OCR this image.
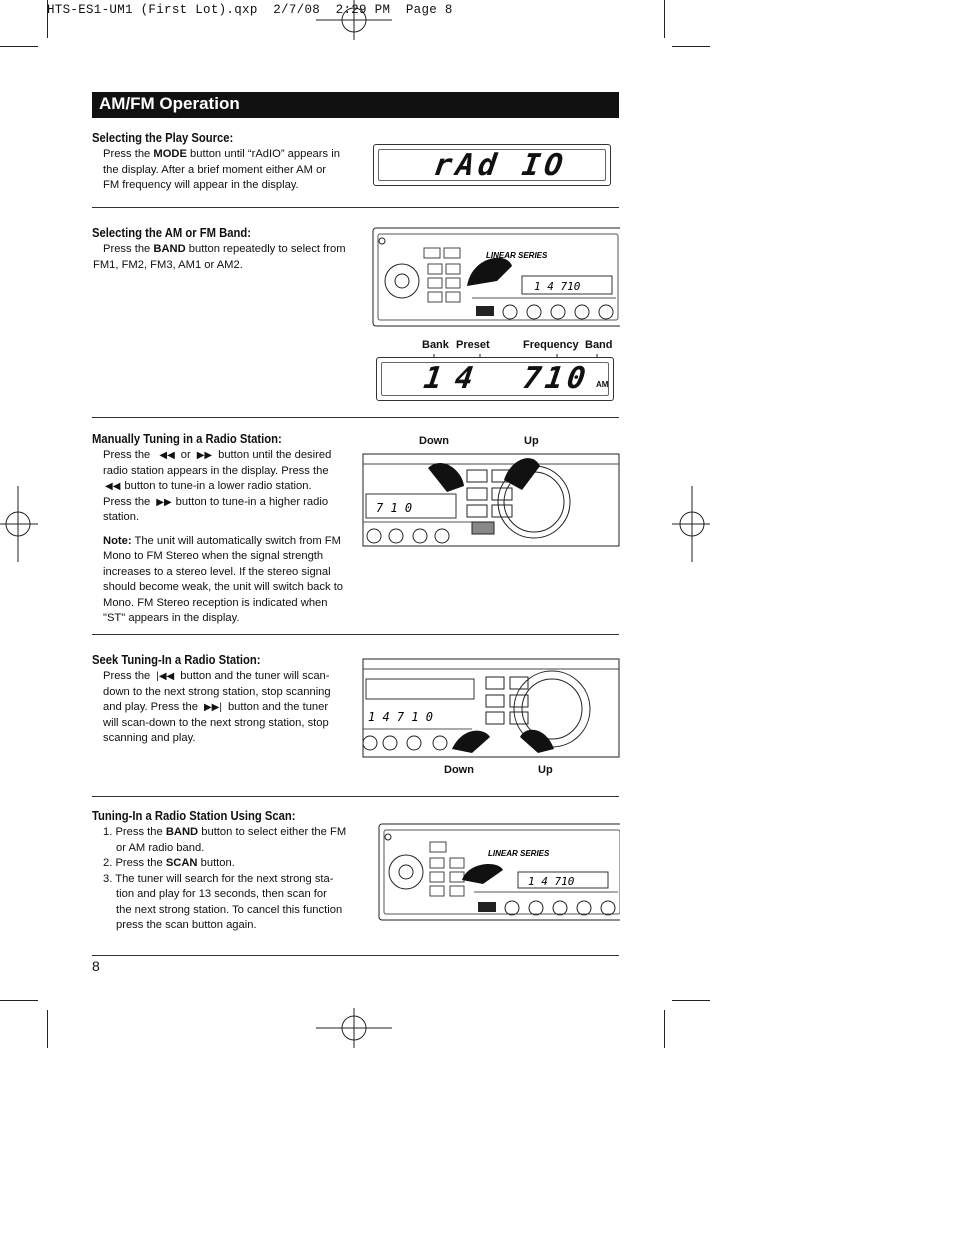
HTS-ES1-UM1 (First Lot).qxp  2/7/08  2:29 PM  Page 8
AM/FM Operation
Selecting the Play Source:
Press the MODE button until “rAdIO” appears in
the display. After a brief moment either AM or
FM frequency will appear in the display.
rAd IO
Selecting the AM or FM Band:
Press the BAND button repeatedly to select from
FM1, FM2, FM3, AM1 or AM2.
1 4 710
LINEAR SERIES
Bank Preset	Frequency Band
1 4 710 AM
Manually Tuning in a Radio Station:
Press the ◀◀ or ▶▶ button until the desired
radio station appears in the display. Press the
◀◀ button to tune-in a lower radio station.
Press the ▶▶ button to tune-in a higher radio
station.
Note: The unit will automatically switch from FM
Mono to FM Stereo when the signal strength
increases to a stereo level. If the stereo signal
should become weak, the unit will switch back to
Mono. FM Stereo reception is indicated when
"ST" appears in the display.
Down	Up
7 1 0
Seek Tuning-In a Radio Station:
Press the |◀◀ button and the tuner will scan-
down to the next strong station, stop scanning
and play. Press the ▶▶| button and the tuner
will scan-down to the next strong station, stop
scanning and play.
1 4 7 1 0
Down	Up
Tuning-In a Radio Station Using Scan:
1. Press the BAND button to select either the FM
or AM radio band.
2. Press the SCAN button.
3. The tuner will search for the next strong sta-
tion and play for 13 seconds, then scan for
the next strong station. To cancel this function
press the scan button again.
LINEAR SERIES
1 4 710
8
